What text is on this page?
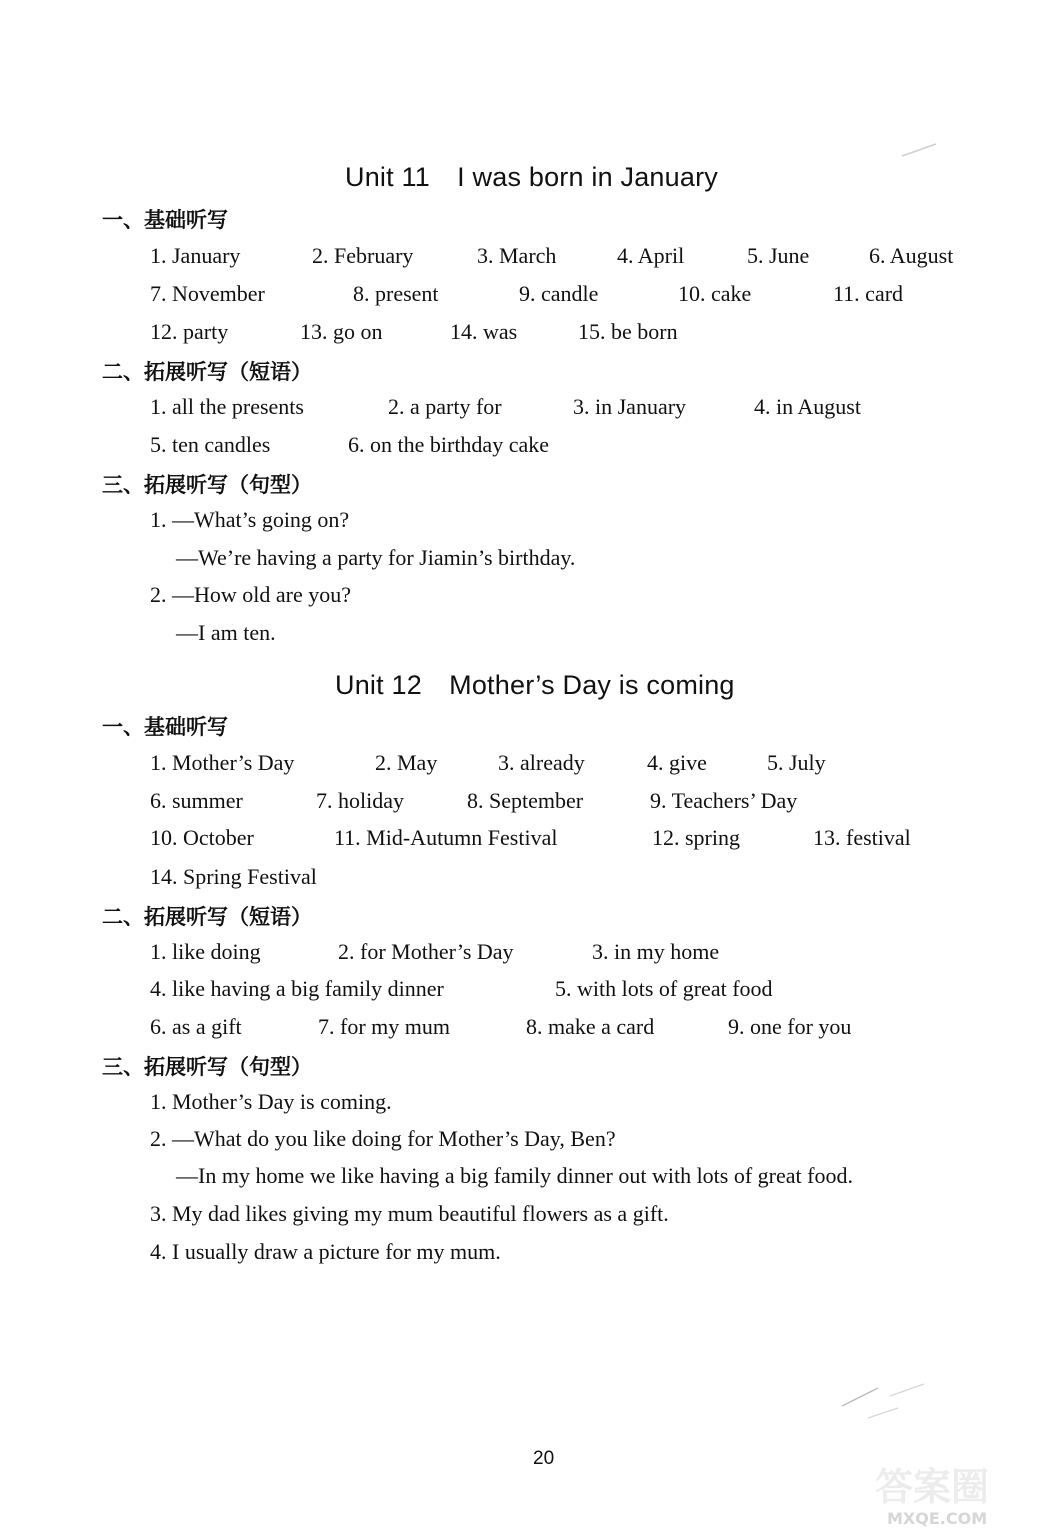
Unit 11　I was born in January
一、基础听写
1. January	2. February	3. March	4. April	5. June	6. August
7. November	8. present	9. candle	10. cake	11. card
12. party	13. go on	14. was	15. be born
二、拓展听写（短语）
1. all the presents	2. a party for	3. in January	4. in August
5. ten candles	6. on the birthday cake
三、拓展听写（句型）
1. —What’s going on?
—We’re having a party for Jiamin’s birthday.
2. —How old are you?
—I am ten.
Unit 12　Mother’s Day is coming
一、基础听写
1. Mother’s Day	2. May	3. already	4. give	5. July
6. summer	7. holiday	8. September	9. Teachers’ Day
10. October	11. Mid-Autumn Festival	12. spring	13. festival
14. Spring Festival
二、拓展听写（短语）
1. like doing	2. for Mother’s Day	3. in my home
4. like having a big family dinner	5. with lots of great food
6. as a gift	7. for my mum	8. make a card	9. one for you
三、拓展听写（句型）
1. Mother’s Day is coming.
2. —What do you like doing for Mother’s Day, Ben?
—In my home we like having a big family dinner out with lots of great food.
3. My dad likes giving my mum beautiful flowers as a gift.
4. I usually draw a picture for my mum.
20
答案圈
MXQE.COM
